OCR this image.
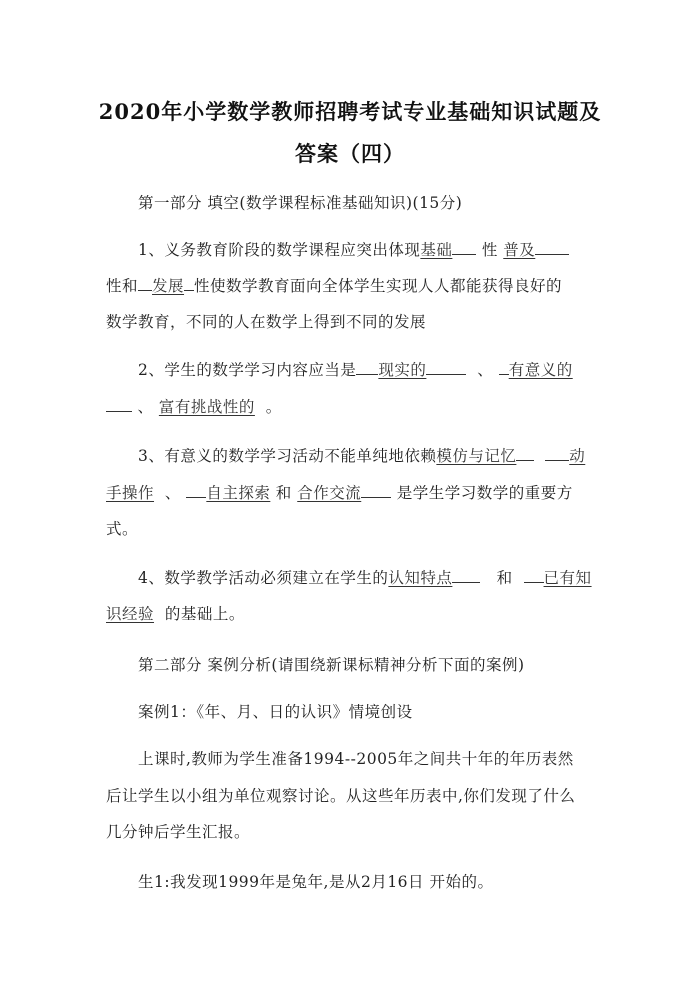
2020年小学数学教师招聘考试专业基础知识试题及
答案（四）
第一部分 填空(数学课程标准基础知识)(15分)
1、义务教育阶段的数学课程应突出体现基础 性 普及
性和 发展 性使数学教育面向全体学生实现人人都能获得良好的
数学教育，不同的人在数学上得到不同的发展
2、学生的数学学习内容应当是 现实的	、 有意义的
、 富有挑战性的 。
3、有意义的数学学习活动不能单纯地依赖模仿与记忆	动
手操作 、 自主探索 和 合作交流 是学生学习数学的重要方
式。
4、数学教学活动必须建立在学生的认知特点	和 已有知
识经验 的基础上。
第二部分 案例分析(请围绕新课标精神分析下面的案例)
案例1：《年、月、日的认识》情境创设
上课时,教师为学生准备1994--2005年之间共十年的年历表然
后让学生以小组为单位观察讨论。从这些年历表中,你们发现了什么
几分钟后学生汇报。
生1:我发现1999年是兔年,是从2月16日 开始的。
